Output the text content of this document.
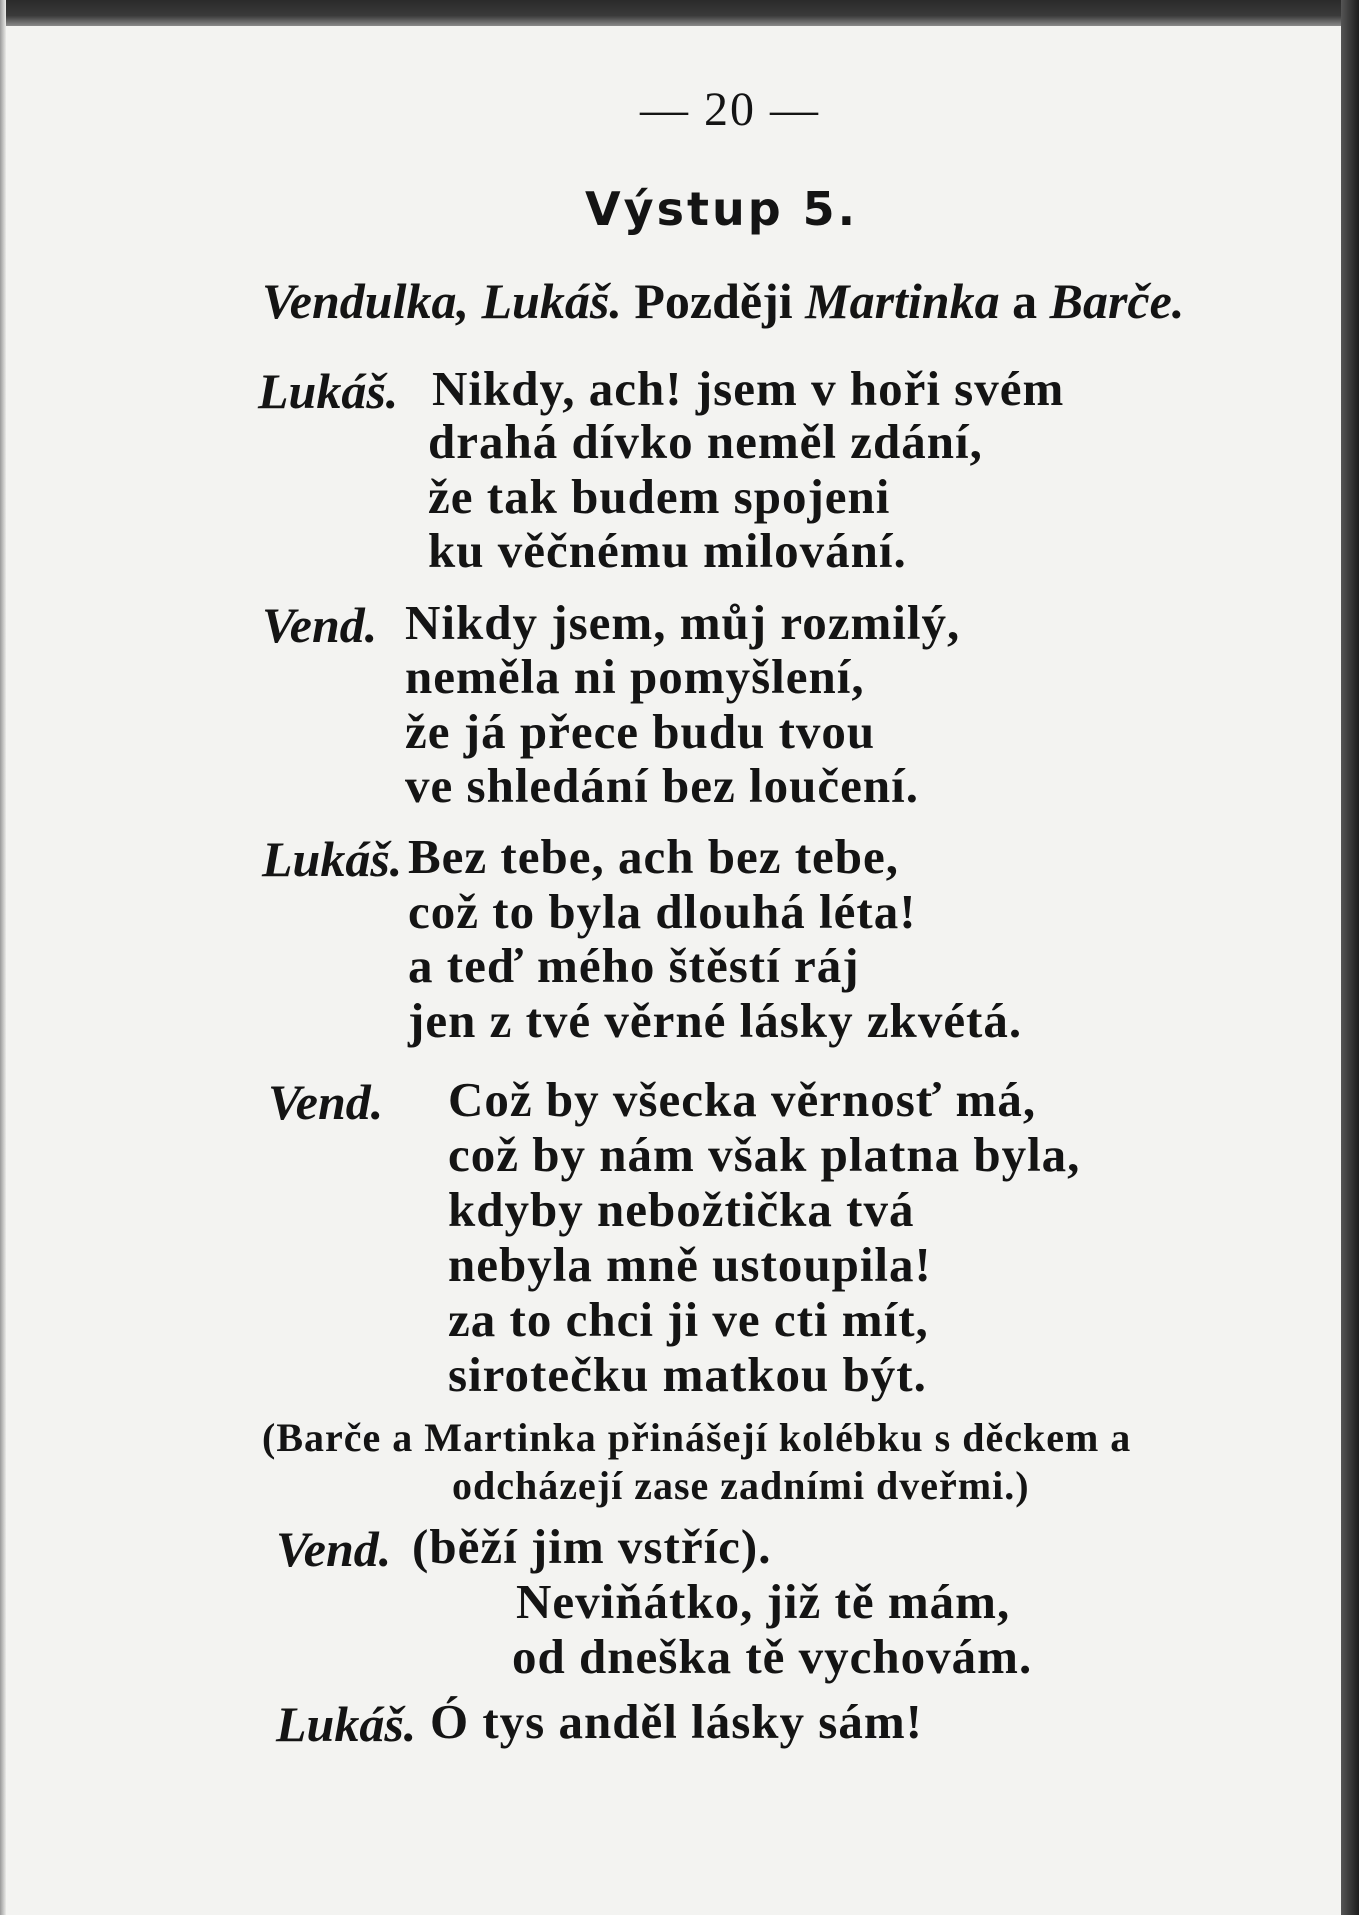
— 20 —
Výstup 5.
Vendulka, Lukáš. Později Martinka a Barče.
Lukáš. Nikdy, ach! jsem v hoři svém
drahá dívko neměl zdání,
že tak budem spojeni
ku věčnému milování.
Vend. Nikdy jsem, můj rozmilý,
neměla ni pomyšlení,
že já přece budu tvou
ve shledání bez loučení.
Lukáš. Bez tebe, ach bez tebe,
což to byla dlouhá léta!
a teď mého štěstí ráj
jen z tvé věrné lásky zkvétá.
Vend. Což by všecka věrnosť má,
což by nám však platna byla,
kdyby nebožtička tvá
nebyla mně ustoupila!
za to chci ji ve cti mít,
sirotečku matkou být.
(Barče a Martinka přinášejí kolébku s děckem a
odcházejí zase zadními dveřmi.)
Vend. (běží jim vstříc).
Neviňátko, již tě mám,
od dneška tě vychovám.
Lukáš. Ó tys anděl lásky sám!
